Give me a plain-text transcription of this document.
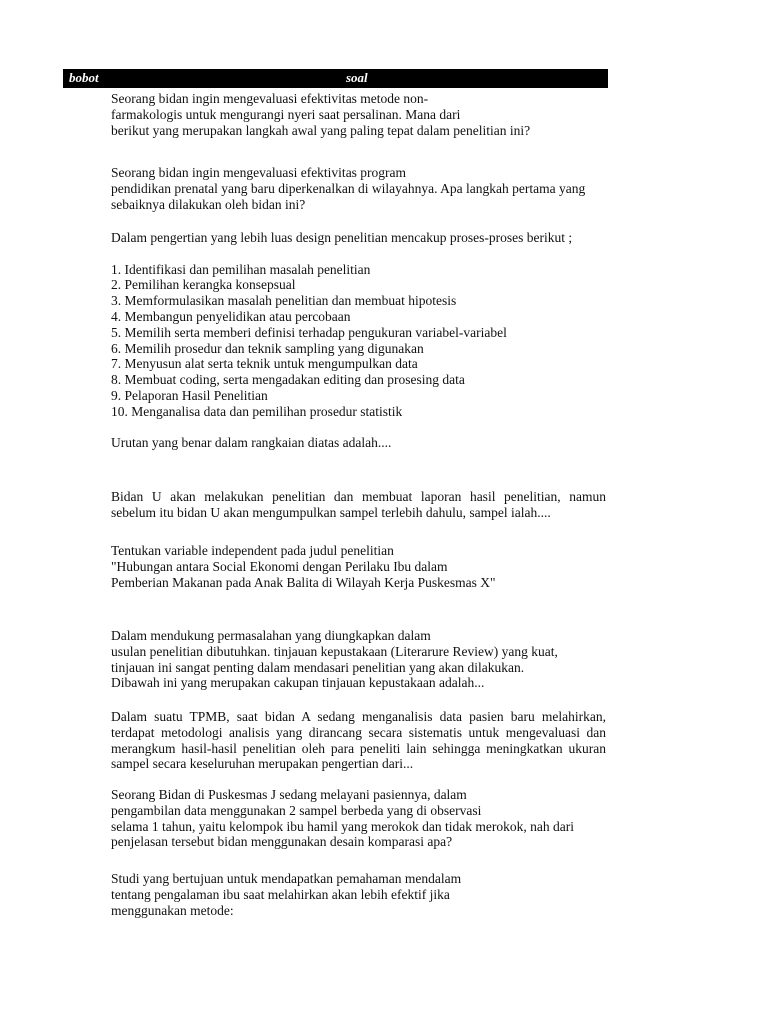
bobot	soal
Seorang bidan ingin mengevaluasi efektivitas metode non-
farmakologis untuk mengurangi nyeri saat persalinan. Mana dari
berikut yang merupakan langkah awal yang paling tepat dalam penelitian ini?
Seorang bidan ingin mengevaluasi efektivitas program
pendidikan prenatal yang baru diperkenalkan di wilayahnya. Apa langkah pertama yang
sebaiknya dilakukan oleh bidan ini?
Dalam pengertian yang lebih luas design penelitian mencakup proses-proses berikut ;
1. Identifikasi dan pemilihan masalah penelitian
2. Pemilihan kerangka konsepsual
3. Memformulasikan masalah penelitian dan membuat hipotesis
4. Membangun penyelidikan atau percobaan
5. Memilih serta memberi definisi terhadap pengukuran variabel-variabel
6. Memilih prosedur dan teknik sampling yang digunakan
7. Menyusun alat serta teknik untuk mengumpulkan data
8. Membuat coding, serta mengadakan editing dan prosesing data
9. Pelaporan Hasil Penelitian
10. Menganalisa data dan pemilihan prosedur statistik
Urutan yang benar dalam rangkaian diatas adalah....
Bidan U akan melakukan penelitian dan membuat laporan hasil penelitian, namun
sebelum itu bidan U akan mengumpulkan sampel terlebih dahulu, sampel ialah....
Tentukan variable independent pada judul penelitian
"Hubungan antara Social Ekonomi dengan Perilaku Ibu dalam
Pemberian Makanan pada Anak Balita di Wilayah Kerja Puskesmas X"
Dalam mendukung permasalahan yang diungkapkan dalam
usulan penelitian dibutuhkan. tinjauan kepustakaan (Literarure Review) yang kuat,
tinjauan ini sangat penting dalam mendasari penelitian yang akan dilakukan.
Dibawah ini yang merupakan cakupan tinjauan kepustakaan adalah...
Dalam suatu TPMB, saat bidan A sedang menganalisis data pasien baru melahirkan,
terdapat metodologi analisis yang dirancang secara sistematis untuk mengevaluasi dan
merangkum hasil-hasil penelitian oleh para peneliti lain sehingga meningkatkan ukuran
sampel secara keseluruhan merupakan pengertian dari...
Seorang Bidan di Puskesmas J sedang melayani pasiennya, dalam
pengambilan data menggunakan 2 sampel berbeda yang di observasi
selama 1 tahun, yaitu kelompok ibu hamil yang merokok dan tidak merokok, nah dari
penjelasan tersebut bidan menggunakan desain komparasi apa?
Studi yang bertujuan untuk mendapatkan pemahaman mendalam
tentang pengalaman ibu saat melahirkan akan lebih efektif jika
menggunakan metode:
